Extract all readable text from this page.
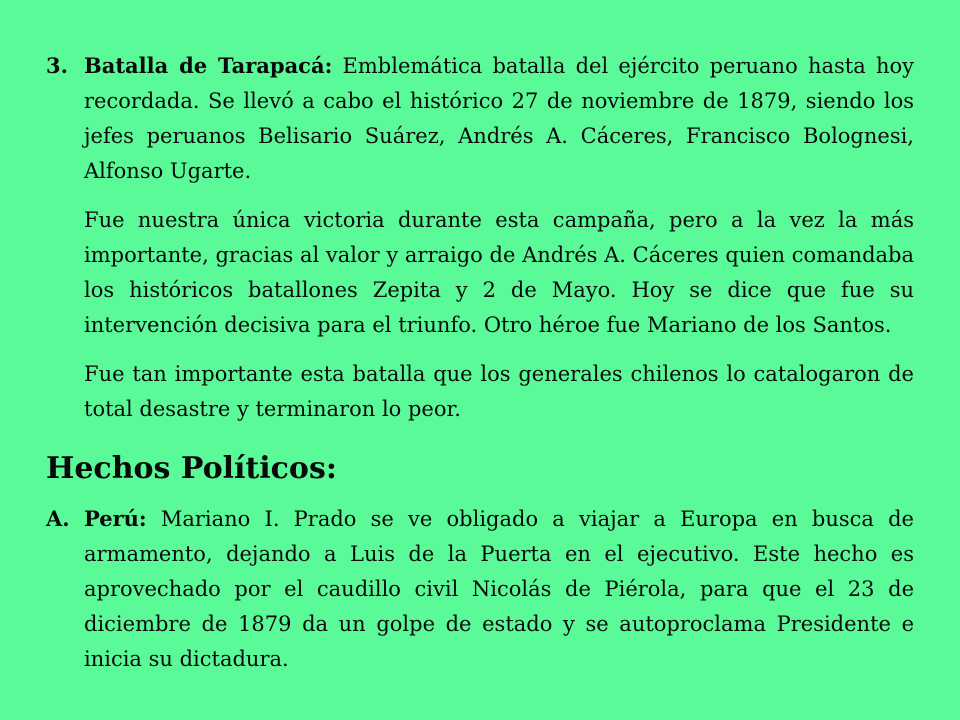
3. Batalla de Tarapacá: Emblemática batalla del ejército peruano hasta hoy recordada. Se llevó a cabo el histórico 27 de noviembre de 1879, siendo los jefes peruanos Belisario Suárez, Andrés A. Cáceres, Francisco Bolognesi, Alfonso Ugarte.

Fue nuestra única victoria durante esta campaña, pero a la vez la más importante, gracias al valor y arraigo de Andrés A. Cáceres quien comandaba los históricos batallones Zepita y 2 de Mayo. Hoy se dice que fue su intervención decisiva para el triunfo. Otro héroe fue Mariano de los Santos.

Fue tan importante esta batalla que los generales chilenos lo catalogaron de total desastre y terminaron lo peor.

Hechos Políticos:
A. Perú: Mariano I. Prado se ve obligado a viajar a Europa en busca de armamento, dejando a Luis de la Puerta en el ejecutivo. Este hecho es aprovechado por el caudillo civil Nicolás de Piérola, para que el 23 de diciembre de 1879 da un golpe de estado y se autoproclama Presidente e inicia su dictadura.
